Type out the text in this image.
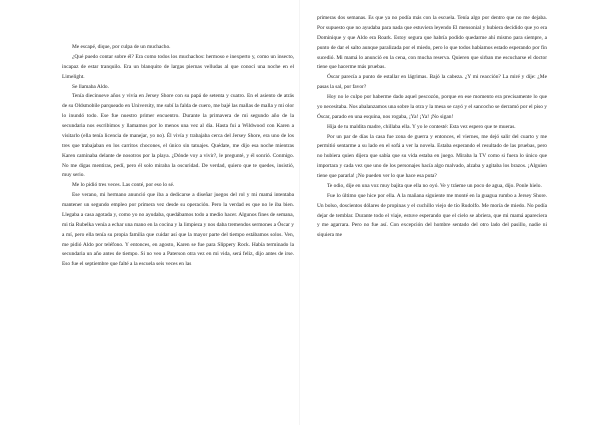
Me escapé, dique, por culpa de un muchacho.

¿Qué puedo contar sobre él? Era como todos los muchachos: hermoso e inexperto y, como un insecto, incapaz de estar tranquilo. Era un blanquito de largas piernas velludas al que conocí una noche en el Limelight.

Se llamaba Aldo.

Tenía diecinueve años y vivía en Jersey Shore con su papá de setenta y cuatro. En el asiento de atrás de su Oldsmobile parqueado en University, me subí la falda de cuero, me bajé las mallas de malla y mi olor lo inundó todo. Ese fue nuestro primer encuentro. Durante la primavera de mi segundo año de la secundaria nos escribimos y llamamos por lo menos una vez al día. Hasta fui a Wildwood con Karen a visitarlo (ella tenía licencia de manejar, yo no). Él vivía y trabajaba cerca del Jersey Shore, era uno de los tres que trabajaban en los carritos chocones, el único sin tatuajes. Quédate, me dijo esa noche mientras Karen caminaba delante de nosotros por la playa. ¿Dónde voy a vivir?, le pregunté, y él sonrió. Conmigo. No me digas mentiras, pedí, pero él solo miraba la oscuridad. De verdad, quiero que te quedes, insistió, muy serio.

Me lo pidió tres veces. Las conté, por eso lo sé.

Ese verano, mi hermano anunció que iba a dedicarse a diseñar juegos del rol y mi mamá intentaba mantener un segundo empleo por primera vez desde su operación. Pero la verdad es que no le iba bien. Llegaba a casa agotada y, como yo no ayudaba, quedábamos todo a medio hacer. Algunos fines de semana, mi tía Rubelka venía a echar una mano en la cocina y la limpieza y nos daba tremendos sermones a Óscar y a mí, pero ella tenía su propia familia que cuidar así que la mayor parte del tiempo estábamos solos. Ven, me pidió Aldo por teléfono. Y entonces, en agosto, Karen se fue para Slippery Rock. Había terminado la secundaria un año antes de tiempo. Si no veo a Paterson otra vez en mi vida, será feliz, dijo antes de irse. Eso fue el septiembre que falté a la escuela seis veces en las

primeras dos semanas. Es que ya no podía más con la escuela. Tenía algo por dentro que no me dejaba. Por supuesto que no ayudaba para nada que estuviera leyendo El mensonial y hubiera decidido que yo era Dominique y que Aldo era Roark. Estoy segura que habría podido quedarme ahí mismo para siempre, a punto de dar el salto aunque paralizada por el miedo, pero lo que todos habíamos estado esperando por fin sucedió. Mi mamá lo anunció en la cena, con mucha reserva. Quieren que sirban me escucharse el doctor tiene que hacerme más pruebas.

Óscar parecía a punto de estallar en lágrimas. Bajó la cabeza. ¿Y mi reacción? La miré y dije: ¿Me pasas la sal, por favor?

Hoy no le culpo por haberme dado aquel pescozón, porque en ese momento era precisamente lo que yo necesitaba. Nos abalanzamos una sobre la otra y la mesa se cayó y el sancocho se derramó por el piso y Óscar, parado en una esquina, nos rogaba, ¡Ya! ¡Ya! ¡No sigan!

Hija de tu maldita madre, chillaba ella. Y yo le contesté: Esta vez espero que te mueras.

Por un par de días la casa fue zona de guerra y entonces, el viernes, me dejó salir del cuarto y me permitió sentarme a su lado en el sofá a ver la novela. Estaba esperando el resultado de las pruebas, pero no hubiera quien dijera que sabía que su vida estaba en juego. Miraba la TV como si fuera lo único que importara y cada vez que uno de los personajes hacía algo malvado, alzaba y agitaba los brazos. ¡Alguien tiene que pararla! ¡No pueden ver lo que hace esa puta?

Te odio, dije en una voz muy bajita que ella no oyó. Ve y tráeme un poco de agua, dijo. Ponle hielo.

Fue lo último que hice por ella. A la mañana siguiente me monté en la guagua rumbo a Jersey Shore. Un bolso, doscientos dólares de propinas y el cuchillo viejo de tío Rudolfo. Me moría de miedo. No podía dejar de temblar. Durante todo el viaje, estuve esperando que el cielo se abriera, que mi mamá apareciera y me agarrara. Pero no fue así. Con excepción del hombre sentado del otro lado del pasillo, nadie ni siquiera me
